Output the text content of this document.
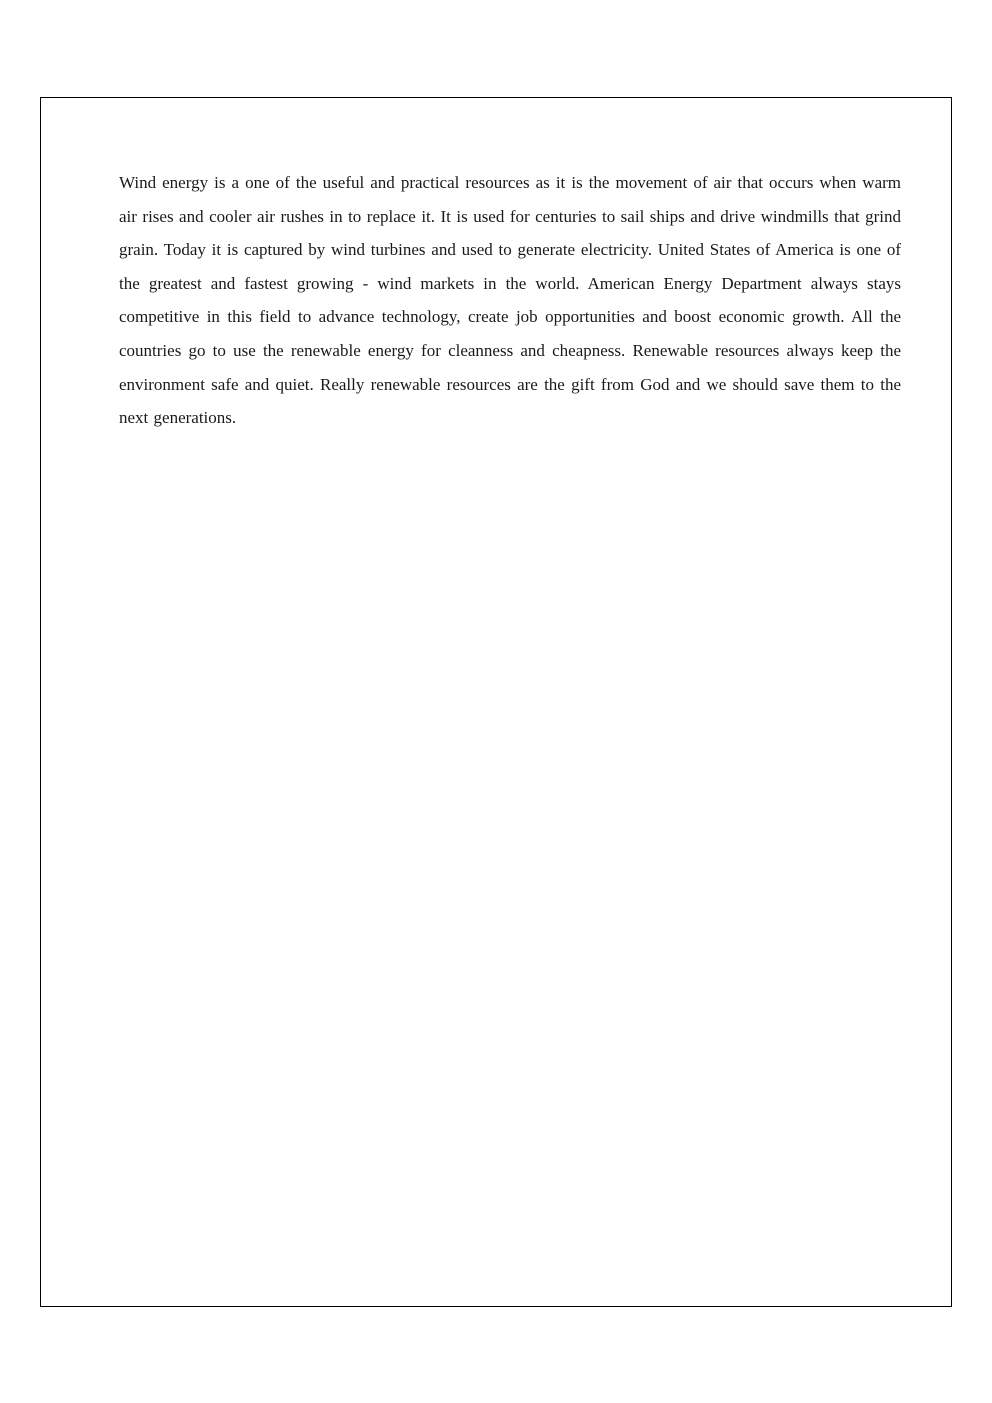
Wind energy is a one of the useful and practical resources as it is the movement of air that occurs when warm air rises and cooler air rushes in to replace it. It is used for centuries to sail ships and drive windmills that grind grain. Today it is captured by wind turbines and used to generate electricity. United States of America is one of the greatest and fastest growing - wind markets in the world. American Energy Department always stays competitive in this field to advance technology, create job opportunities and boost economic growth. All the countries go to use the renewable energy for cleanness and cheapness. Renewable resources always keep the environment safe and quiet. Really renewable resources are the gift from God and we should save them to the next generations.
